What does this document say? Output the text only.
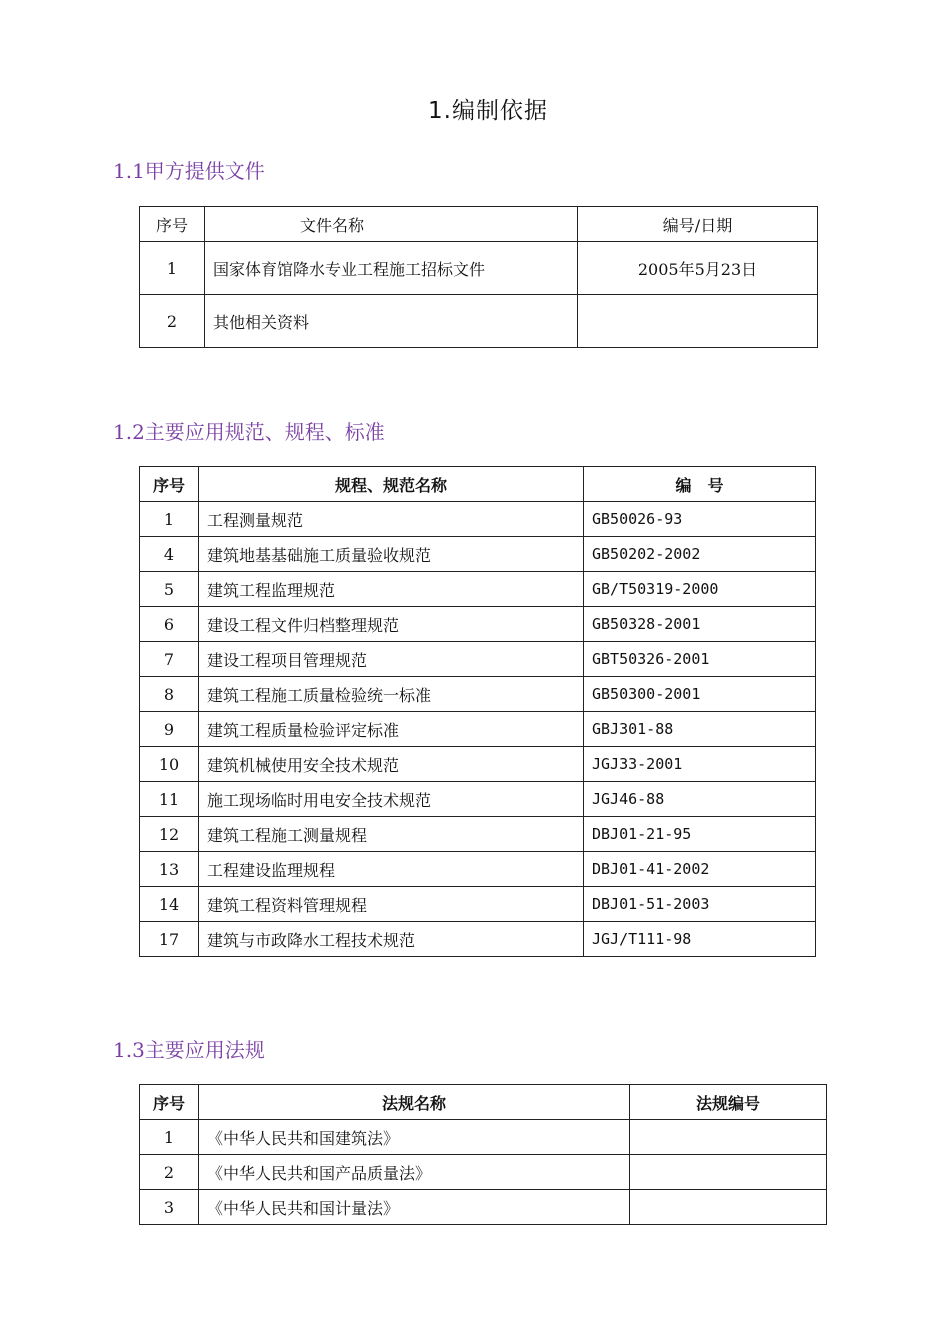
1.编制依据
1.1甲方提供文件
序号	文件名称	编号/日期
1	国家体育馆降水专业工程施工招标文件	2005年5月23日
2	其他相关资料	
1.2主要应用规范、规程、标准
序号	规程、规范名称	编　号
1	工程测量规范	GB50026-93
4	建筑地基基础施工质量验收规范	GB50202-2002
5	建筑工程监理规范	GB/T50319-2000
6	建设工程文件归档整理规范	GB50328-2001
7	建设工程项目管理规范	GBT50326-2001
8	建筑工程施工质量检验统一标准	GB50300-2001
9	建筑工程质量检验评定标准	GBJ301-88
10	建筑机械使用安全技术规范	JGJ33-2001
11	施工现场临时用电安全技术规范	JGJ46-88
12	建筑工程施工测量规程	DBJ01-21-95
13	工程建设监理规程	DBJ01-41-2002
14	建筑工程资料管理规程	DBJ01-51-2003
17	建筑与市政降水工程技术规范	JGJ/T111-98
1.3主要应用法规
序号	法规名称	法规编号
1	《中华人民共和国建筑法》	
2	《中华人民共和国产品质量法》	
3	《中华人民共和国计量法》	
